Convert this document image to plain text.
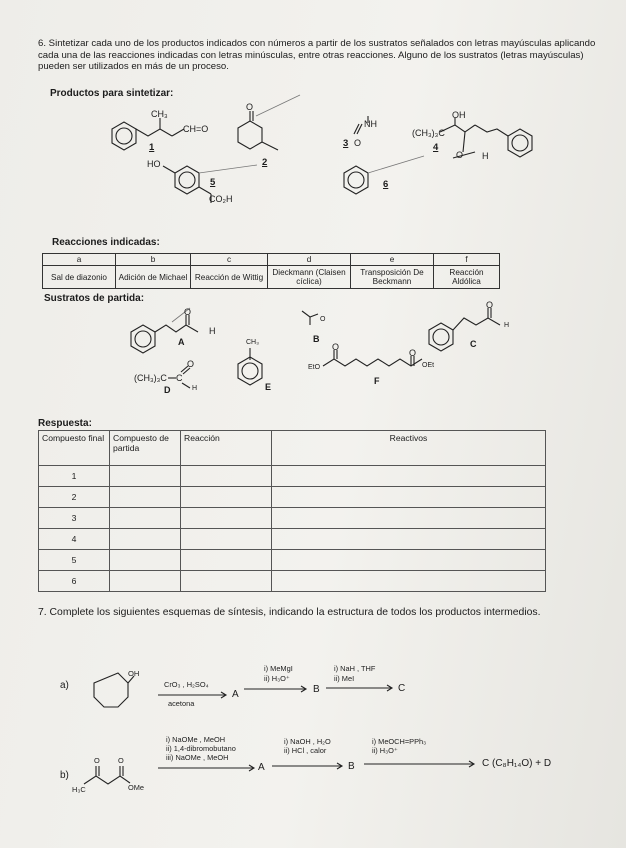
6. Sintetizar cada uno de los productos indicados con números a partir de los sustratos señalados con letras mayúsculas aplicando cada una de las reacciones indicadas con letras minúsculas, entre otras reacciones. Alguno de los sustratos (letras mayúsculas) pueden ser utilizados en más de un proceso.
Productos para sintetizar:
CH₃
CH=O
1
O
2
HO
5
CO₂H
NH
3 O
OH
(CH₃)₃C
4
O H
6
Reacciones indicadas:
a	b	c	d	e	f
Sal de diazonio	Adición de Michael	Reacción de Wittig	Dieckmann (Claisen cíclica)	Transposición De Beckmann	Reacción Aldólica
Sustratos de partida:
O
H
A
O
B
O
H
C
CH₃
E
(CH₃)₃C C
O
H
D
EtO
O
O
OEt
F
Respuesta:
Compuesto final	Compuesto de partida	Reacción	Reactivos
1			
2			
3			
4			
5			
6			
7. Complete los siguientes esquemas de síntesis, indicando la estructura de todos los productos intermedios.
a)
OH
CrO₃ , H₂SO₄
acetona
A
i) MeMgI
ii) H₃O⁺
B
i) NaH , THF
ii) MeI
C
b)
H₃C
O O
OMe
i) NaOMe , MeOH
ii) 1,4-dibromobutano
iii) NaOMe , MeOH
A
i) NaOH , H₂O
ii) HCl , calor
B
i) MeOCH=PPh₃
ii) H₃O⁺
C (C₈H₁₄O) + D
